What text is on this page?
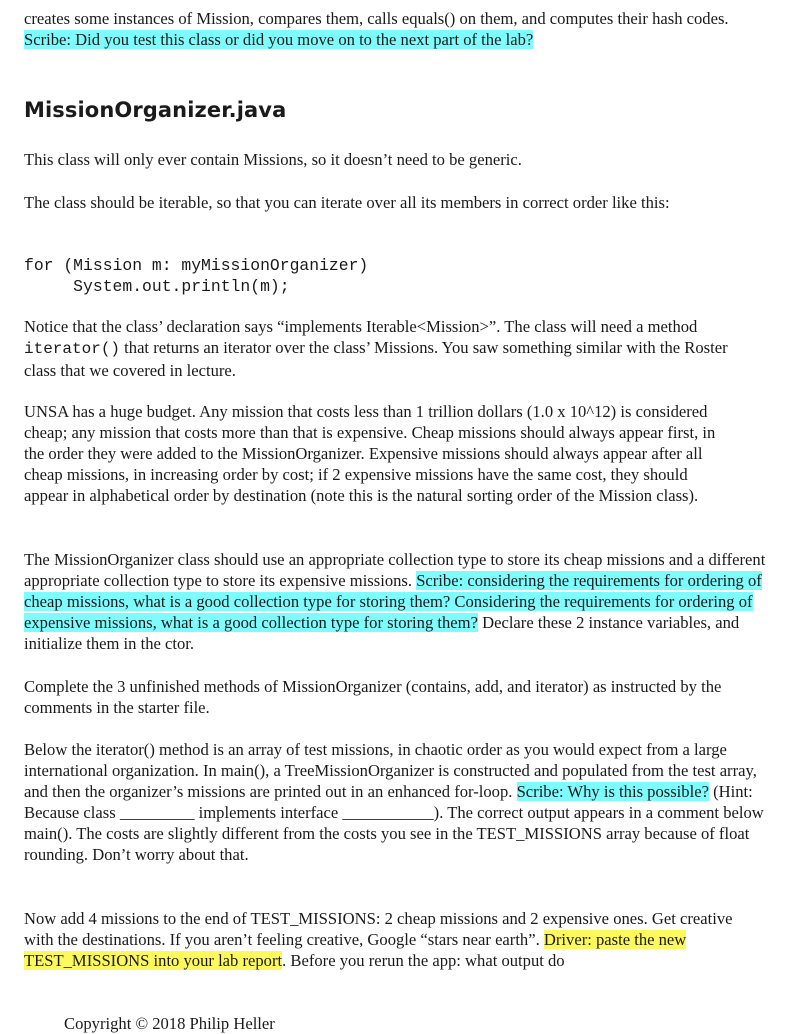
creates some instances of Mission, compares them, calls equals() on them, and computes their hash codes. Scribe: Did you test this class or did you move on to the next part of the lab?

MissionOrganizer.java

This class will only ever contain Missions, so it doesn’t need to be generic.

The class should be iterable, so that you can iterate over all its members in correct order like this:

for (Mission m: myMissionOrganizer)
System.out.println(m);

Notice that the class’ declaration says “implements Iterable<Mission>”. The class will need a method iterator() that returns an iterator over the class’ Missions. You saw something similar with the Roster class that we covered in lecture.

UNSA has a huge budget. Any mission that costs less than 1 trillion dollars (1.0 x 10^12) is considered cheap; any mission that costs more than that is expensive. Cheap missions should always appear first, in the order they were added to the MissionOrganizer. Expensive missions should always appear after all cheap missions, in increasing order by cost; if 2 expensive missions have the same cost, they should appear in alphabetical order by destination (note this is the natural sorting order of the Mission class).

The MissionOrganizer class should use an appropriate collection type to store its cheap missions and a different appropriate collection type to store its expensive missions. Scribe: considering the requirements for ordering of cheap missions, what is a good collection type for storing them? Considering the requirements for ordering of expensive missions, what is a good collection type for storing them? Declare these 2 instance variables, and initialize them in the ctor.

Complete the 3 unfinished methods of MissionOrganizer (contains, add, and iterator) as instructed by the comments in the starter file.

Below the iterator() method is an array of test missions, in chaotic order as you would expect from a large international organization. In main(), a TreeMissionOrganizer is constructed and populated from the test array, and then the organizer’s missions are printed out in an enhanced for-loop. Scribe: Why is this possible? (Hint: Because class _________ implements interface ___________). The correct output appears in a comment below main(). The costs are slightly different from the costs you see in the TEST_MISSIONS array because of float rounding. Don’t worry about that.

Now add 4 missions to the end of TEST_MISSIONS: 2 cheap missions and 2 expensive ones. Get creative with the destinations. If you aren’t feeling creative, Google “stars near earth”. Driver: paste the new TEST_MISSIONS into your lab report. Before you rerun the app: what output do

Copyright © 2018 Philip Heller
